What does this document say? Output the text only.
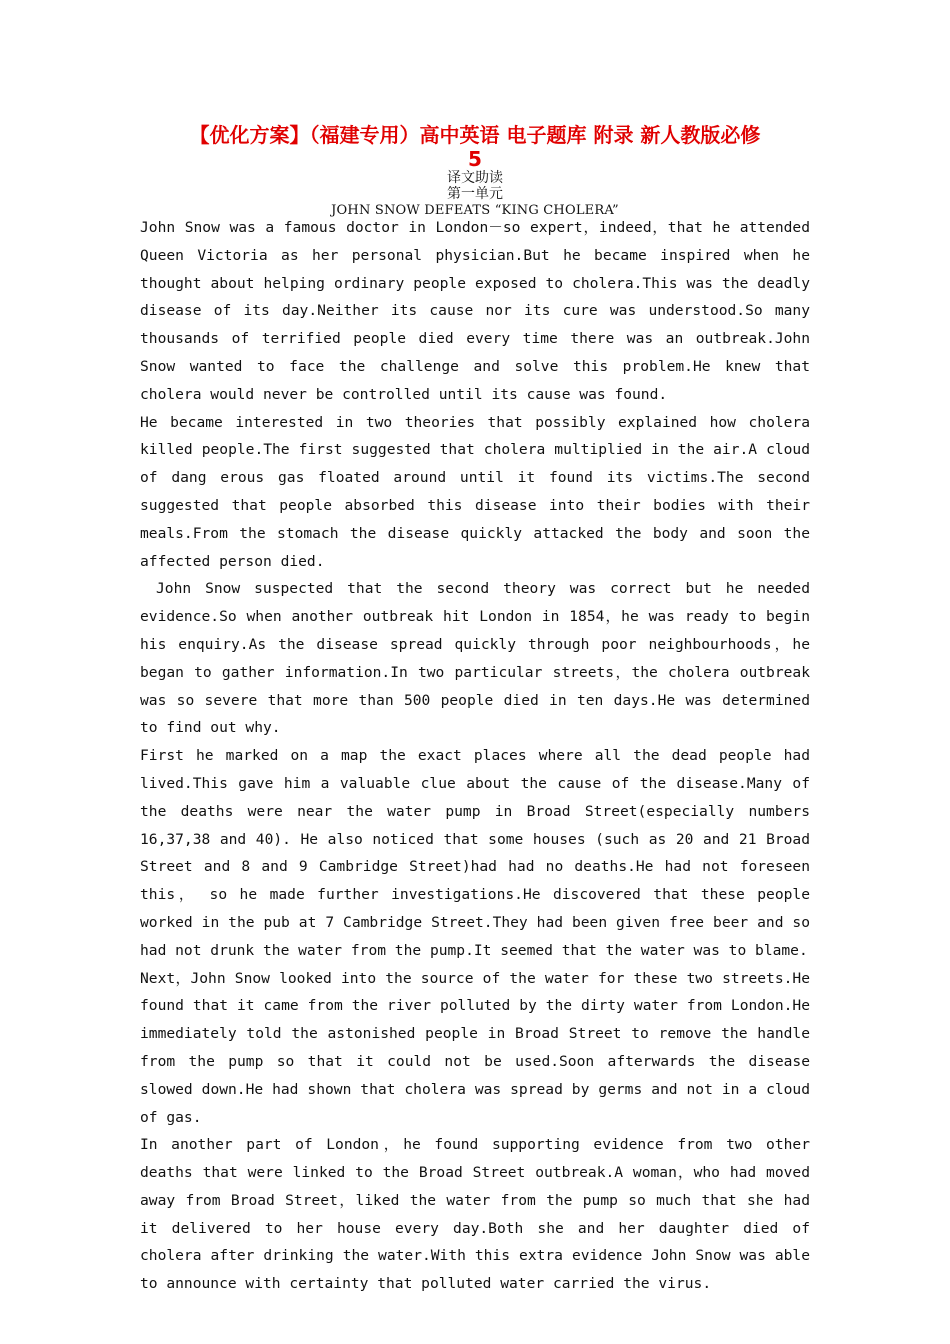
【优化方案】（福建专用）高中英语 电子题库 附录 新人教版必修
5
译文助读
第一单元
JOHN SNOW DEFEATS “KING CHOLERA”

John Snow was a famous doctor in London－so expert，indeed，that he attended Queen Victoria as her personal physician.But he became inspired when he thought about helping ordinary people exposed to cholera.This was the deadly disease of its day.Neither its cause nor its cure was understood.So many thousands of terrified people died every time there was an outbreak.John Snow wanted to face the challenge and solve this problem.He knew that cholera would never be controlled until its cause was found.

He became interested in two theories that possibly explained how cholera killed people.The first suggested that cholera multiplied in the air.A cloud of dang erous gas floated around until it found its victims.The second suggested that people absorbed this disease into their bodies with their meals.From the stomach the disease quickly attacked the body and soon the affected person died.

John Snow suspected that the second theory was correct but he needed evidence.So when another outbreak hit London in 1854，he was ready to begin his enquiry.As the disease spread quickly through poor neighbourhoods，he began to gather information.In two particular streets，the cholera outbreak was so severe that more than 500 people died in ten days.He was determined to find out why.

First he marked on a map the exact places where all the dead people had lived.This gave him a valuable clue about the cause of the disease.Many of the deaths were near the water pump in Broad Street(especially numbers 16,37,38 and 40). He also noticed that some houses (such as 20 and 21 Broad Street and 8 and 9 Cambridge Street)had had no deaths.He had not foreseen this， so he made further investigations.He discovered that these people worked in the pub at 7 Cambridge Street.They had been given free beer and so had not drunk the water from the pump.It seemed that the water was to blame.

Next，John Snow looked into the source of the water for these two streets.He found that it came from the river polluted by the dirty water from London.He immediately told the astonished people in Broad Street to remove the handle from the pump so that it could not be used.Soon afterwards the disease slowed down.He had shown that cholera was spread by germs and not in a cloud of gas.

In another part of London，he found supporting evidence from two other deaths that were linked to the Broad Street outbreak.A woman，who had moved away from Broad Street，liked the water from the pump so much that she had it delivered to her house every day.Both she and her daughter died of cholera after drinking the water.With this extra evidence John Snow was able to announce with certainty that polluted water carried the virus.
